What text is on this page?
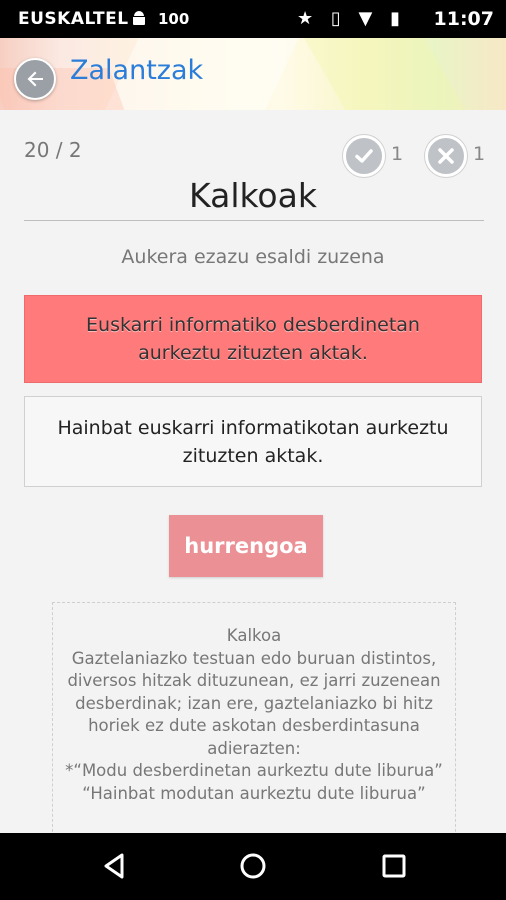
EUSKALTEL 100	★ ▯ ▼ ▮ 11:07
Zalantzak
20 / 2	1	1
Kalkoak
Aukera ezazu esaldi zuzena
Euskarri informatiko desberdinetan aurkeztu zituzten aktak.
Hainbat euskarri informatikotan aurkeztu zituzten aktak.
hurrengoa

Kalkoa

Gaztelaniazko testuan edo buruan distintos, diversos hitzak dituzunean, ez jarri zuzenean desberdinak; izan ere, gaztelaniazko bi hitz horiek ez dute askotan desberdintasuna adierazten:

*“Modu desberdinetan aurkeztu dute liburua”

“Hainbat modutan aurkeztu dute liburua”
